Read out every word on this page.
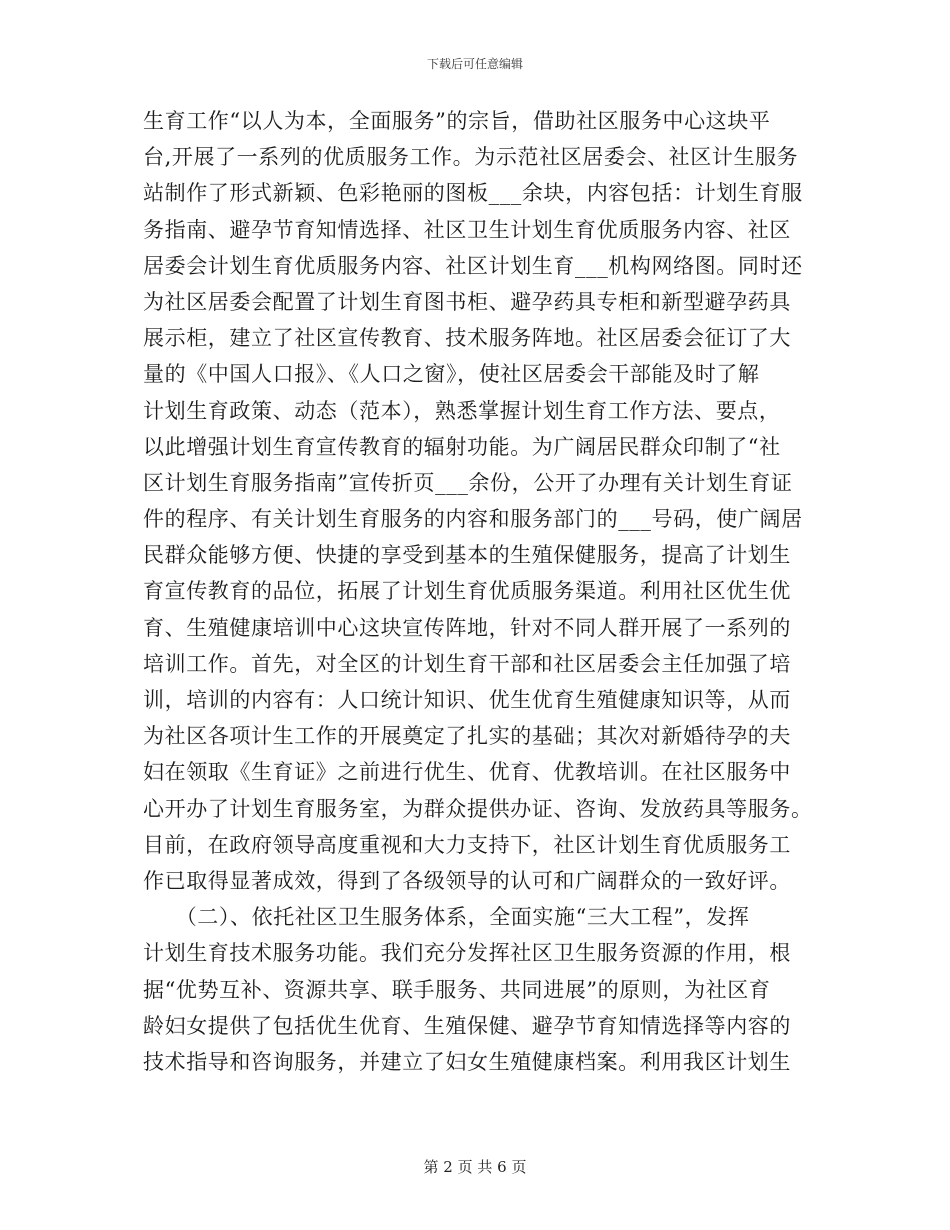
下载后可任意编辑
生育工作“以人为本，全面服务”的宗旨，借助社区服务中心这块平
台,开展了一系列的优质服务工作。为示范社区居委会、社区计生服务
站制作了形式新颖、色彩艳丽的图板___余块，内容包括：计划生育服
务指南、避孕节育知情选择、社区卫生计划生育优质服务内容、社区
居委会计划生育优质服务内容、社区计划生育___机构网络图。同时还
为社区居委会配置了计划生育图书柜、避孕药具专柜和新型避孕药具
展示柜，建立了社区宣传教育、技术服务阵地。社区居委会征订了大
量的《中国人口报》、《人口之窗》，使社区居委会干部能及时了解
计划生育政策、动态（范本），熟悉掌握计划生育工作方法、要点，
以此增强计划生育宣传教育的辐射功能。为广阔居民群众印制了“社
区计划生育服务指南”宣传折页___余份，公开了办理有关计划生育证
件的程序、有关计划生育服务的内容和服务部门的___号码，使广阔居
民群众能够方便、快捷的享受到基本的生殖保健服务，提高了计划生
育宣传教育的品位，拓展了计划生育优质服务渠道。利用社区优生优
育、生殖健康培训中心这块宣传阵地，针对不同人群开展了一系列的
培训工作。首先，对全区的计划生育干部和社区居委会主任加强了培
训，培训的内容有：人口统计知识、优生优育生殖健康知识等，从而
为社区各项计生工作的开展奠定了扎实的基础；其次对新婚待孕的夫
妇在领取《生育证》之前进行优生、优育、优教培训。在社区服务中
心开办了计划生育服务室，为群众提供办证、咨询、发放药具等服务。
目前，在政府领导高度重视和大力支持下，社区计划生育优质服务工
作已取得显著成效，得到了各级领导的认可和广阔群众的一致好评。
　　（二）、依托社区卫生服务体系，全面实施“三大工程”，发挥
计划生育技术服务功能。我们充分发挥社区卫生服务资源的作用，根
据“优势互补、资源共享、联手服务、共同进展”的原则，为社区育
龄妇女提供了包括优生优育、生殖保健、避孕节育知情选择等内容的
技术指导和咨询服务，并建立了妇女生殖健康档案。利用我区计划生
第 2 页 共 6 页
